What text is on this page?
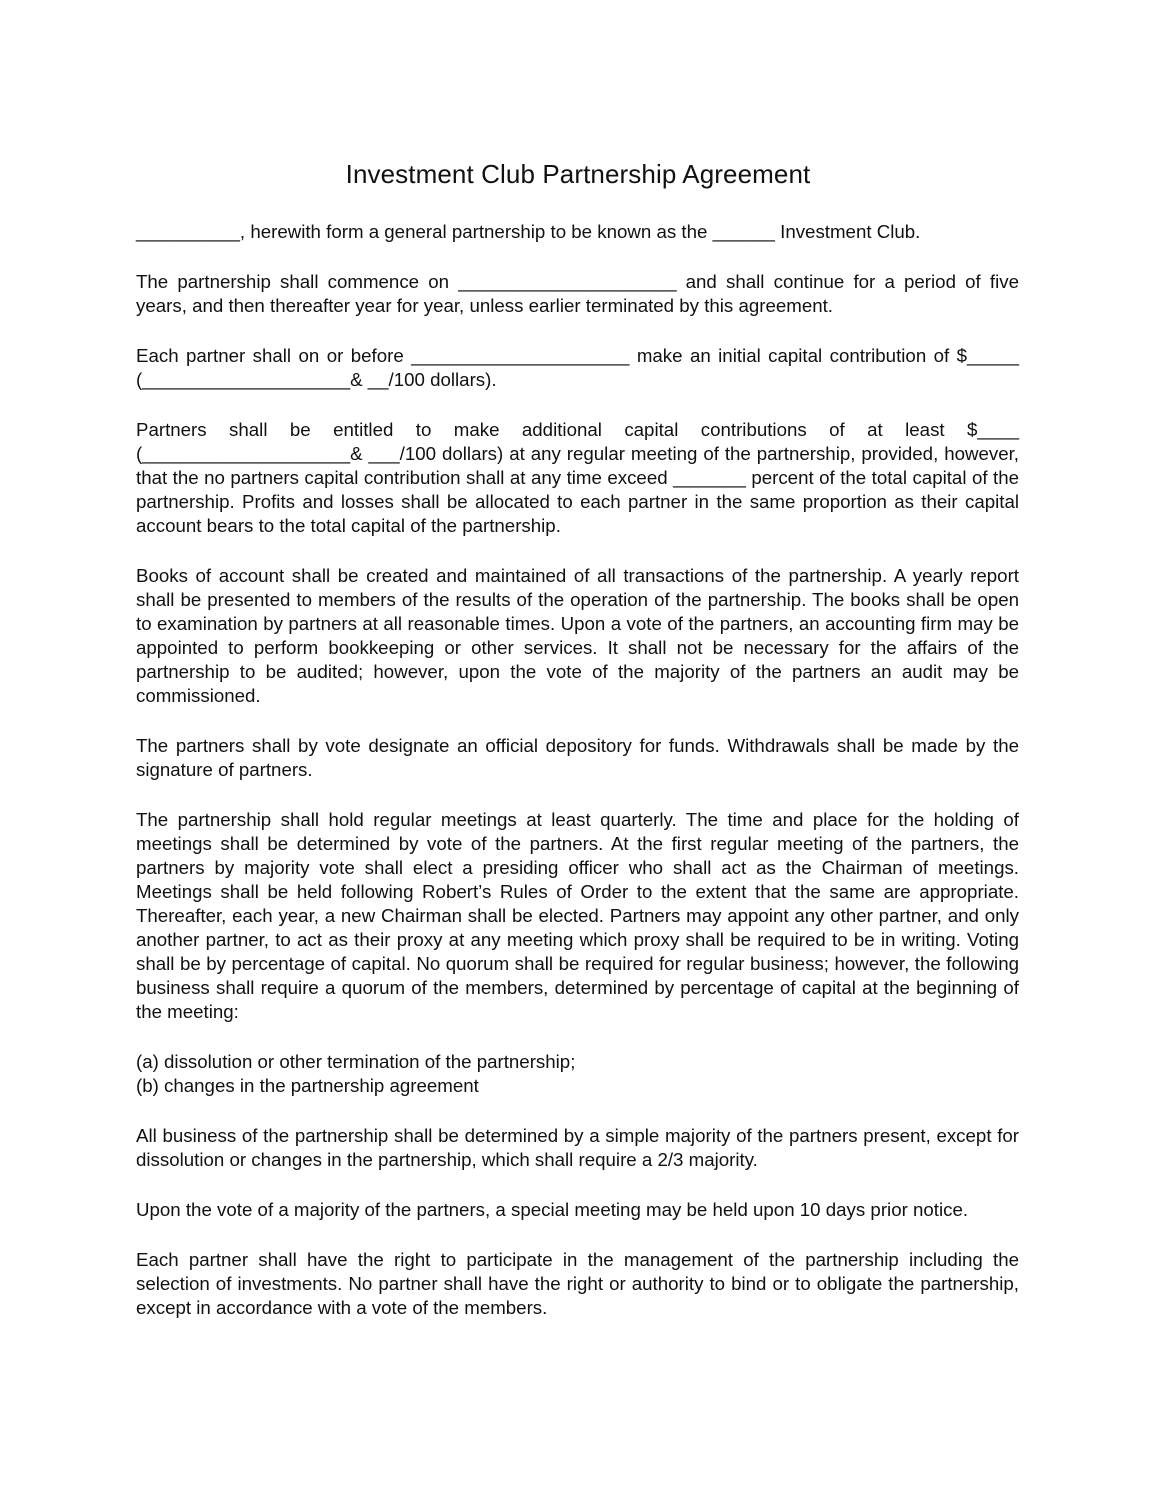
Investment Club Partnership Agreement

__________, herewith form a general partnership to be known as the ______ Investment Club.

The partnership shall commence on _____________________ and shall continue for a period of five years, and then thereafter year for year, unless earlier terminated by this agreement.

Each partner shall on or before _____________________ make an initial capital contribution of $_____ (____________________& __/100 dollars).

Partners shall be entitled to make additional capital contributions of at least $____ (____________________& ___/100 dollars) at any regular meeting of the partnership, provided, however, that the no partners capital contribution shall at any time exceed _______ percent of the total capital of the partnership. Profits and losses shall be allocated to each partner in the same proportion as their capital account bears to the total capital of the partnership.

Books of account shall be created and maintained of all transactions of the partnership. A yearly report shall be presented to members of the results of the operation of the partnership. The books shall be open to examination by partners at all reasonable times. Upon a vote of the partners, an accounting firm may be appointed to perform bookkeeping or other services. It shall not be necessary for the affairs of the partnership to be audited; however, upon the vote of the majority of the partners an audit may be commissioned.

The partners shall by vote designate an official depository for funds. Withdrawals shall be made by the signature of partners.

The partnership shall hold regular meetings at least quarterly. The time and place for the holding of meetings shall be determined by vote of the partners. At the first regular meeting of the partners, the partners by majority vote shall elect a presiding officer who shall act as the Chairman of meetings. Meetings shall be held following Robert’s Rules of Order to the extent that the same are appropriate. Thereafter, each year, a new Chairman shall be elected. Partners may appoint any other partner, and only another partner, to act as their proxy at any meeting which proxy shall be required to be in writing. Voting shall be by percentage of capital. No quorum shall be required for regular business; however, the following business shall require a quorum of the members, determined by percentage of capital at the beginning of the meeting:

(a) dissolution or other termination of the partnership;
(b) changes in the partnership agreement

All business of the partnership shall be determined by a simple majority of the partners present, except for dissolution or changes in the partnership, which shall require a 2/3 majority.

Upon the vote of a majority of the partners, a special meeting may be held upon 10 days prior notice.

Each partner shall have the right to participate in the management of the partnership including the selection of investments. No partner shall have the right or authority to bind or to obligate the partnership, except in accordance with a vote of the members.
